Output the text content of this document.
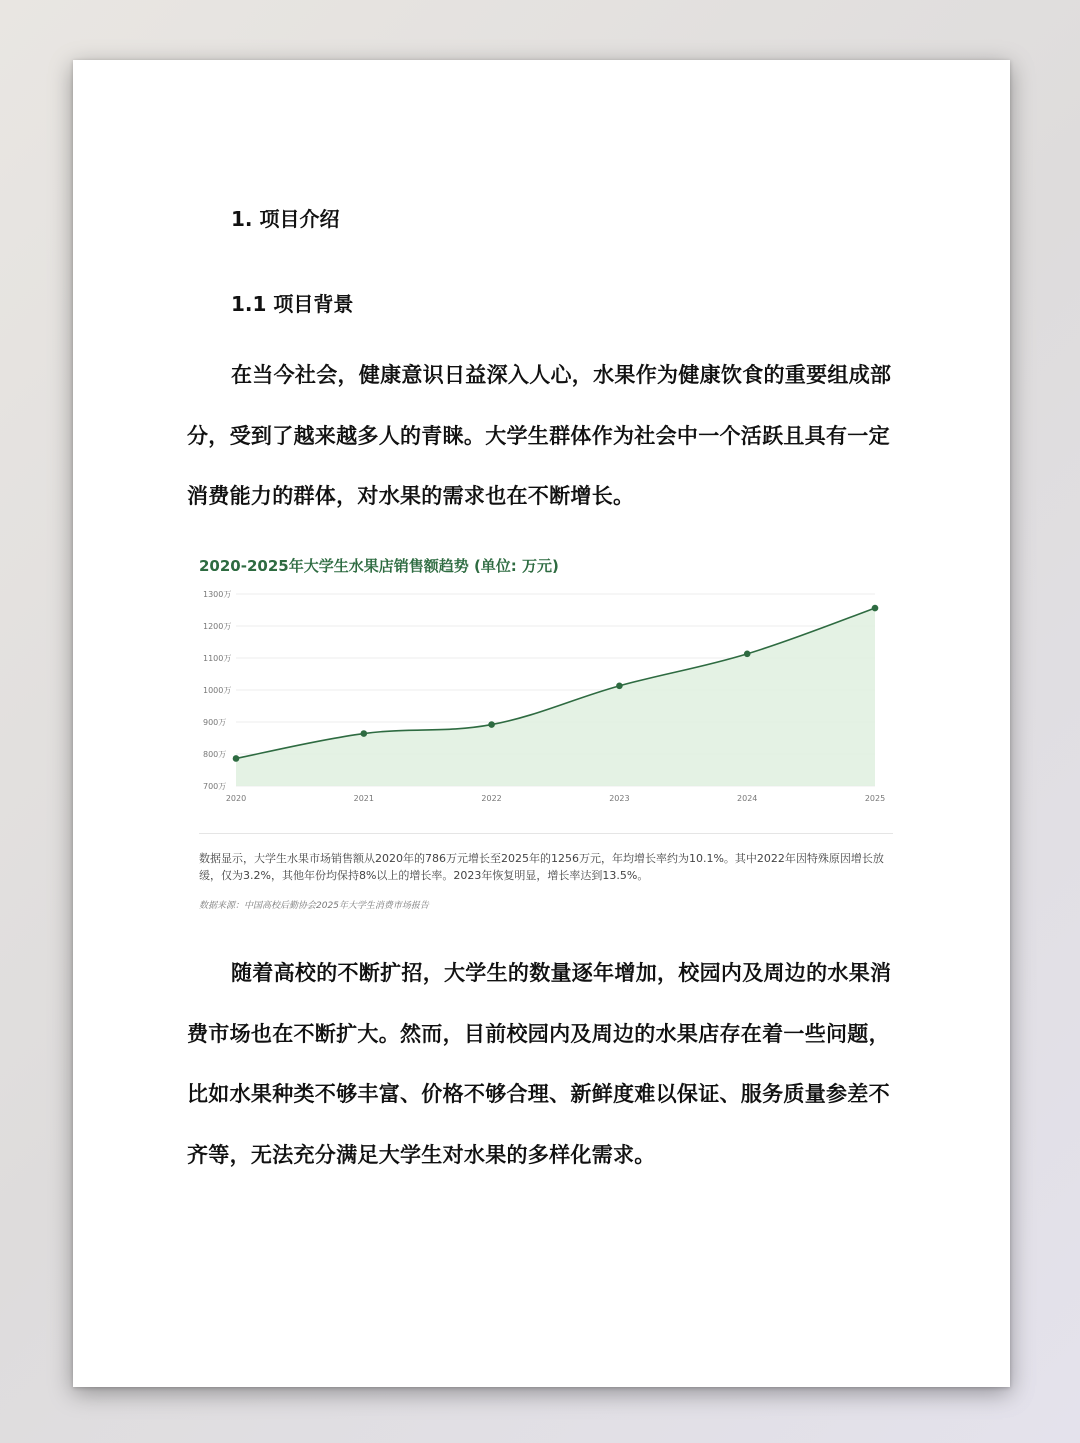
1. 项目介绍
1.1 项目背景

在当今社会，健康意识日益深入人心，水果作为健康饮食的重要组成部分，受到了越来越多人的青睐。大学生群体作为社会中一个活跃且具有一定消费能力的群体，对水果的需求也在不断增长。

2020-2025年大学生水果店销售额趋势 (单位: 万元)

700万
800万
900万
1000万
1100万
1200万
1300万
2020	2021	2022	2023	2024	2025

数据显示，大学生水果市场销售额从2020年的786万元增长至2025年的1256万元，年均增长率约为10.1%。其中2022年因特殊原因增长放缓，仅为3.2%，其他年份均保持8%以上的增长率。2023年恢复明显，增长率达到13.5%。

数据来源：中国高校后勤协会2025年大学生消费市场报告

随着高校的不断扩招，大学生的数量逐年增加，校园内及周边的水果消费市场也在不断扩大。然而，目前校园内及周边的水果店存在着一些问题，比如水果种类不够丰富、价格不够合理、新鲜度难以保证、服务质量参差不齐等，无法充分满足大学生对水果的多样化需求。
